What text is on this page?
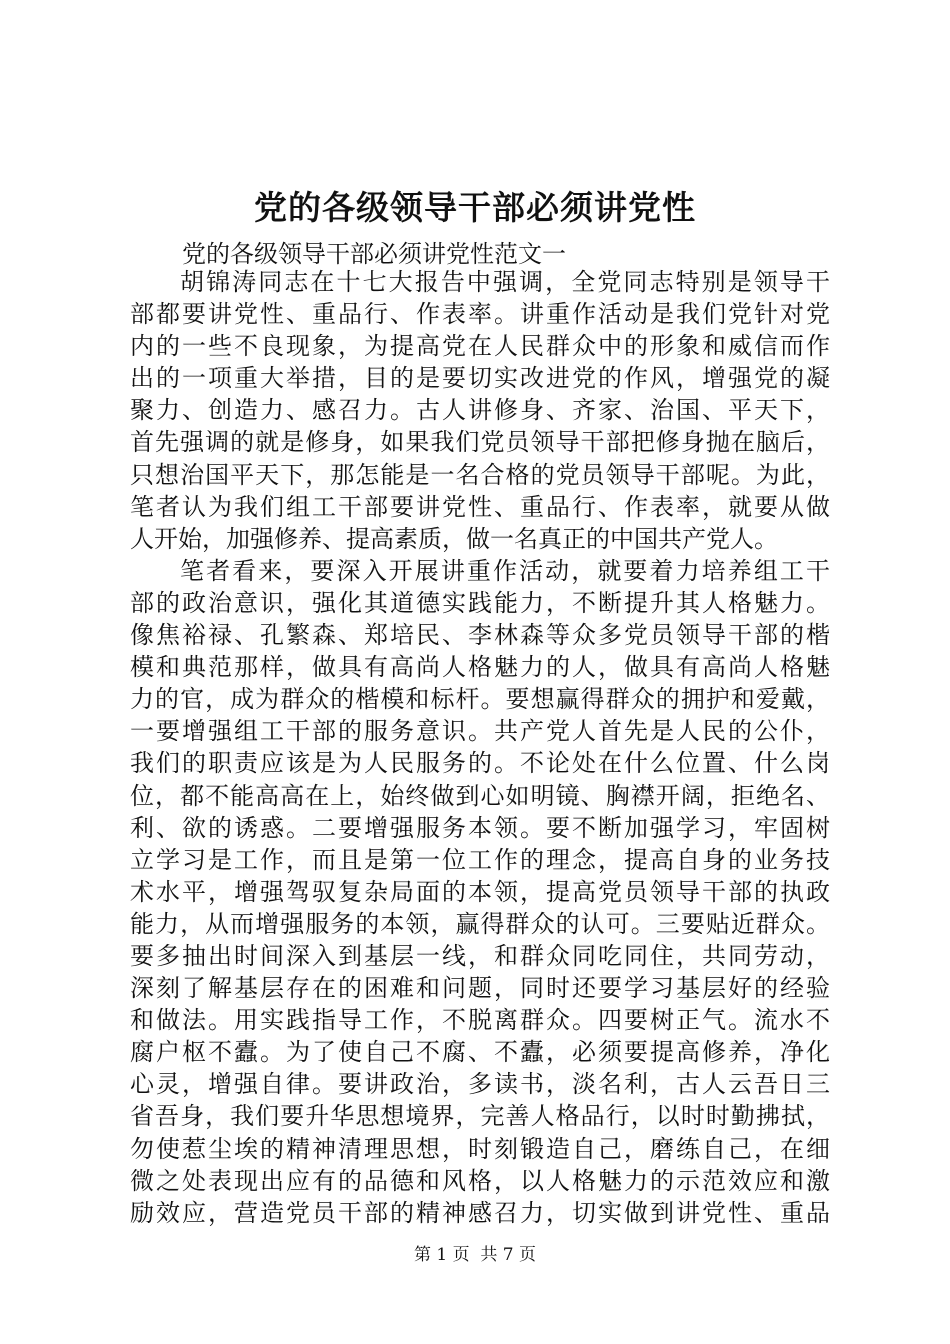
党的各级领导干部必须讲党性
党的各级领导干部必须讲党性范文一
胡锦涛同志在十七大报告中强调，全党同志特别是领导干
部都要讲党性、重品行、作表率。讲重作活动是我们党针对党
内的一些不良现象，为提高党在人民群众中的形象和威信而作
出的一项重大举措，目的是要切实改进党的作风，增强党的凝
聚力、创造力、感召力。古人讲修身、齐家、治国、平天下，
首先强调的就是修身，如果我们党员领导干部把修身抛在脑后，
只想治国平天下，那怎能是一名合格的党员领导干部呢。为此，
笔者认为我们组工干部要讲党性、重品行、作表率，就要从做
人开始，加强修养、提高素质，做一名真正的中国共产党人。
笔者看来，要深入开展讲重作活动，就要着力培养组工干
部的政治意识，强化其道德实践能力，不断提升其人格魅力。
像焦裕禄、孔繁森、郑培民、李林森等众多党员领导干部的楷
模和典范那样，做具有高尚人格魅力的人，做具有高尚人格魅
力的官，成为群众的楷模和标杆。要想赢得群众的拥护和爱戴，
一要增强组工干部的服务意识。共产党人首先是人民的公仆，
我们的职责应该是为人民服务的。不论处在什么位置、什么岗
位，都不能高高在上，始终做到心如明镜、胸襟开阔，拒绝名、
利、欲的诱惑。二要增强服务本领。要不断加强学习，牢固树
立学习是工作，而且是第一位工作的理念，提高自身的业务技
术水平，增强驾驭复杂局面的本领，提高党员领导干部的执政
能力，从而增强服务的本领，赢得群众的认可。三要贴近群众。
要多抽出时间深入到基层一线，和群众同吃同住，共同劳动，
深刻了解基层存在的困难和问题，同时还要学习基层好的经验
和做法。用实践指导工作，不脱离群众。四要树正气。流水不
腐户枢不蠹。为了使自己不腐、不蠹，必须要提高修养，净化
心灵，增强自律。要讲政治，多读书，淡名利，古人云吾日三
省吾身，我们要升华思想境界，完善人格品行，以时时勤拂拭，
勿使惹尘埃的精神清理思想，时刻锻造自己，磨练自己，在细
微之处表现出应有的品德和风格，以人格魅力的示范效应和激
励效应，营造党员干部的精神感召力，切实做到讲党性、重品
第 1 页  共 7 页
